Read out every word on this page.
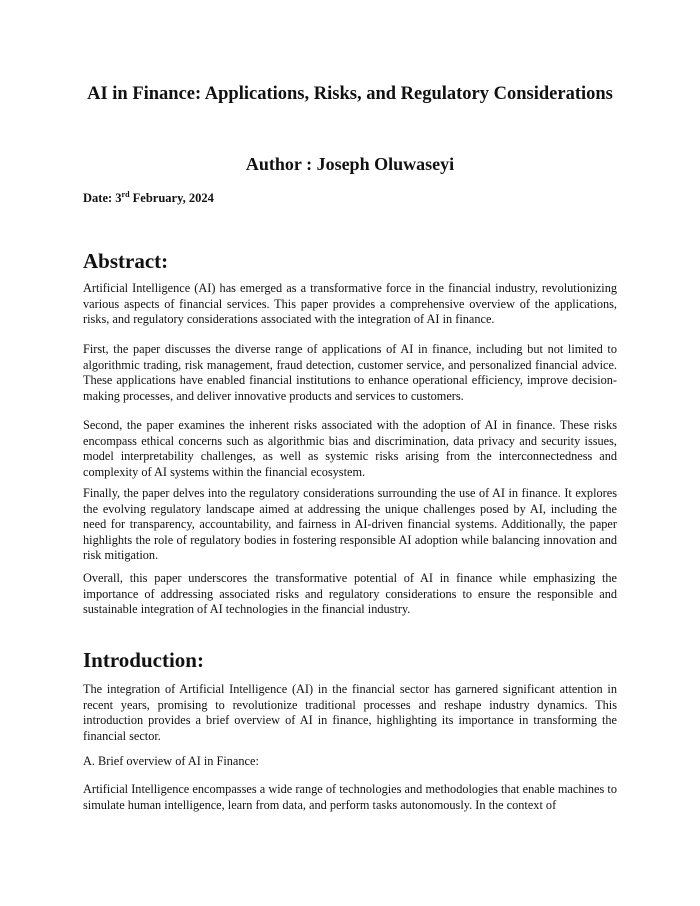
AI in Finance: Applications, Risks, and Regulatory Considerations
Author : Joseph Oluwaseyi
Date: 3rd February, 2024
Abstract:

Artificial Intelligence (AI) has emerged as a transformative force in the financial industry, revolutionizing various aspects of financial services. This paper provides a comprehensive overview of the applications, risks, and regulatory considerations associated with the integration of AI in finance.

First, the paper discusses the diverse range of applications of AI in finance, including but not limited to algorithmic trading, risk management, fraud detection, customer service, and personalized financial advice. These applications have enabled financial institutions to enhance operational efficiency, improve decision-making processes, and deliver innovative products and services to customers.

Second, the paper examines the inherent risks associated with the adoption of AI in finance. These risks encompass ethical concerns such as algorithmic bias and discrimination, data privacy and security issues, model interpretability challenges, as well as systemic risks arising from the interconnectedness and complexity of AI systems within the financial ecosystem.

Finally, the paper delves into the regulatory considerations surrounding the use of AI in finance. It explores the evolving regulatory landscape aimed at addressing the unique challenges posed by AI, including the need for transparency, accountability, and fairness in AI-driven financial systems. Additionally, the paper highlights the role of regulatory bodies in fostering responsible AI adoption while balancing innovation and risk mitigation.

Overall, this paper underscores the transformative potential of AI in finance while emphasizing the importance of addressing associated risks and regulatory considerations to ensure the responsible and sustainable integration of AI technologies in the financial industry.

Introduction:

The integration of Artificial Intelligence (AI) in the financial sector has garnered significant attention in recent years, promising to revolutionize traditional processes and reshape industry dynamics. This introduction provides a brief overview of AI in finance, highlighting its importance in transforming the financial sector.

A. Brief overview of AI in Finance:

Artificial Intelligence encompasses a wide range of technologies and methodologies that enable machines to simulate human intelligence, learn from data, and perform tasks autonomously. In the context of
